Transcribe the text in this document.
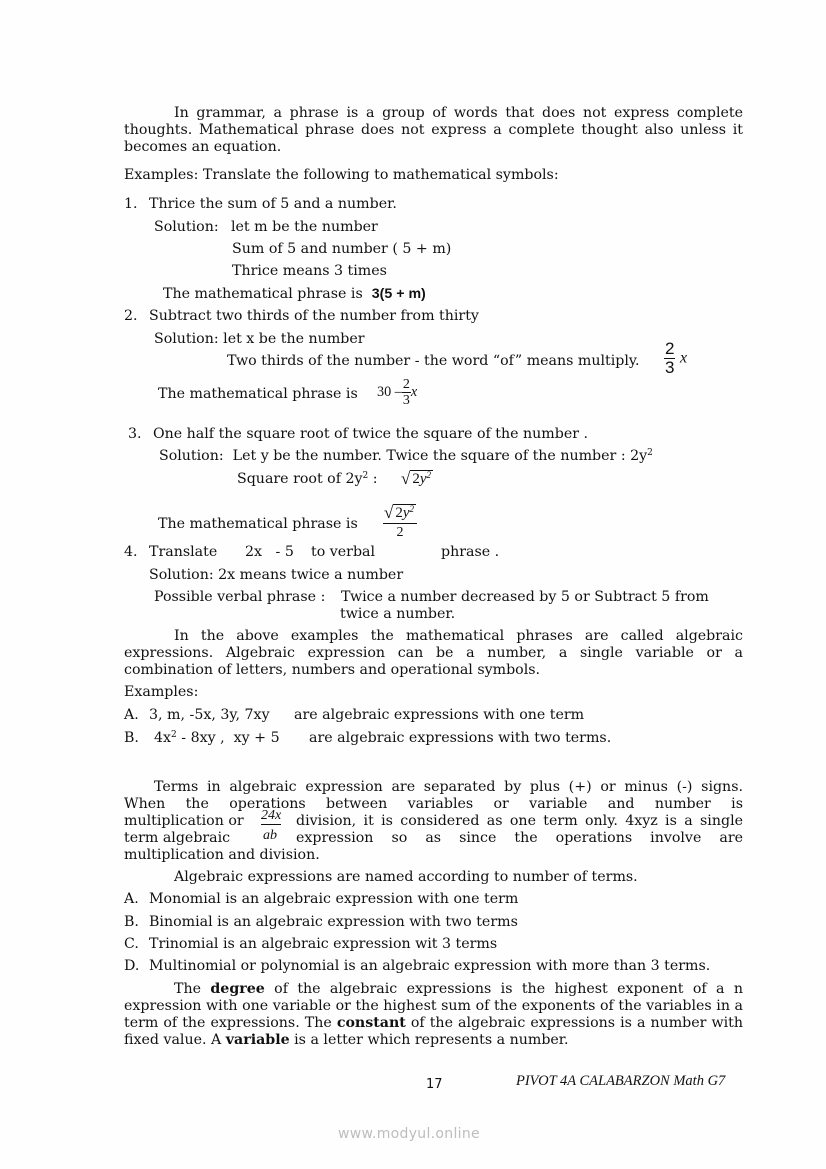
In grammar, a phrase is a group of words that does not express complete thoughts. Mathematical phrase does not express a complete thought also unless it becomes an equation.
Examples: Translate the following to mathematical symbols:
1. Thrice the sum of 5 and a number.
Solution: let m be the number
Sum of 5 and number ( 5 + m)
Thrice means 3 times
The mathematical phrase is 3(5 + m)
2. Subtract two thirds of the number from thirty
Solution: let x be the number
Two thirds of the number - the word “of” means multiply. $\frac{2}{3}$ x
The mathematical phrase is $30 - \frac{2}{3}$ x
3. One half the square root of twice the square of the number .
Solution: Let y be the number. Twice the square of the number : $2y^2$
Square root of $2y^2$ : √ $2y^2$
The mathematical phrase is $\frac{√ 2y^2}{2}$
4. Translate 2x   - 5 to verbal	phrase .
Solution: 2x means twice a number
Possible verbal phrase : Twice a number decreased by 5 or Subtract 5 from
twice a number.
In the above examples the mathematical phrases are called algebraic expressions. Algebraic expression can be a number, a single variable or a combination of letters, numbers and operational symbols.
Examples:
A. 3, m, -5x, 3y, 7xy are algebraic expressions with one term
B. $4x^2 - 8xy$ ,  xy + 5 are algebraic expressions with two terms.
Terms in algebraic expression are separated by plus (+) or minus (-) signs.
When the operations between variables or variable and number is
multiplication or 24x division, it is considered as one term only. 4xyz is a single
term algebraic ab expression so as since the operations involve are
multiplication and division.
Algebraic expressions are named according to number of terms.
A. Monomial is an algebraic expression with one term
B. Binomial is an algebraic expression with two terms
C. Trinomial is an algebraic expression wit 3 terms
D. Multinomial or polynomial is an algebraic expression with more than 3 terms.
The degree of the algebraic expressions is the highest exponent of a n expression with one variable or the highest sum of the exponents of the variables in a term of the expressions. The constant of the algebraic expressions is a number with fixed value. A variable is a letter which represents a number.
17	PIVOT 4A CALABARZON Math G7
www.modyul.online
